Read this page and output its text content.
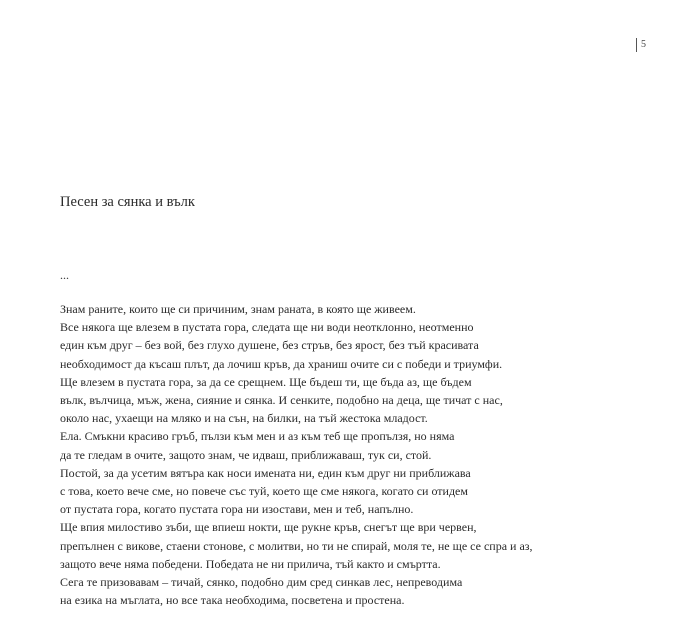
5
Песен за сянка и вълк
...
Знам раните, които ще си причиним, знам раната, в която ще живеем.
Все някога ще влезем в пустата гора, следата ще ни води неотклонно, неотменно
един към друг – без вой, без глухо душене, без стръв, без ярост, без тъй красивата
необходимост да късаш плът, да лочиш кръв, да храниш очите си с победи и триумфи.
Ще влезем в пустата гора, за да се срещнем. Ще бъдеш ти, ще бъда аз, ще бъдем
вълк, вълчица, мъж, жена, сияние и сянка. И сенките, подобно на деца, ще тичат с нас,
около нас, ухаещи на мляко и на сън, на билки, на тъй жестока младост.
Ела. Смъкни красиво гръб, пълзи към мен и аз към теб ще пропълзя, но няма
да те гледам в очите, защото знам, че идваш, приближаваш, тук си, стой.
Постой, за да усетим вятъра как носи имената ни, един към друг ни приближава
с това, което вече сме, но повече със туй, което ще сме някога, когато си отидем
от пустата гора, когато пустата гора ни изостави, мен и теб, напълно.
Ще впия милостиво зъби, ще впиеш нокти, ще рукне кръв, снегът ще ври червен,
препълнен с викове, стаени стонове, с молитви, но ти не спирай, моля те, не ще се спра и аз,
защото вече няма победени. Победата не ни прилича, тъй както и смъртта.
Сега те призовавам – тичай, сянко, подобно дим сред синкав лес, непреводима
на езика на мъглата, но все така необходима, посветена и простена.
